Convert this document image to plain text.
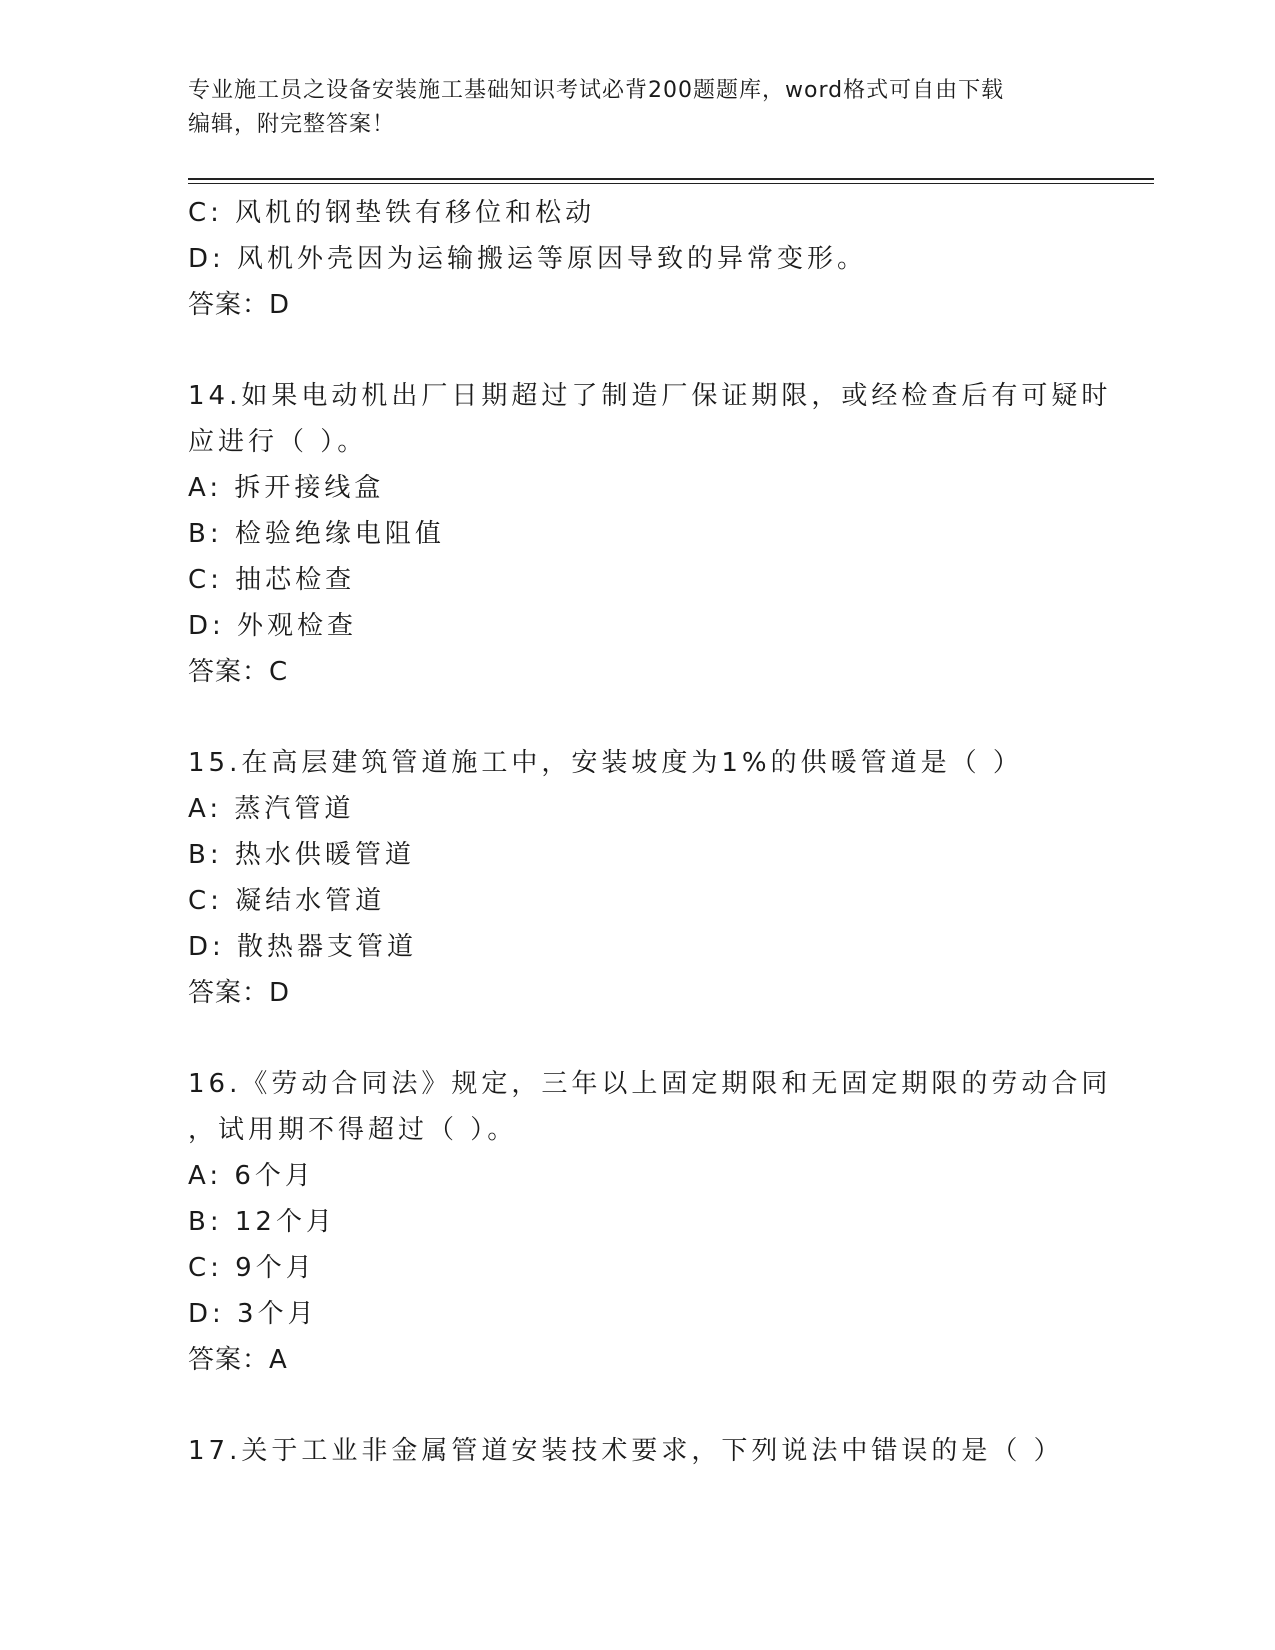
专业施工员之设备安装施工基础知识考试必背200题题库，word格式可自由下载
编辑，附完整答案！
C: 风机的钢垫铁有移位和松动
D: 风机外壳因为运输搬运等原因导致的异常变形。
答案：D
14.如果电动机出厂日期超过了制造厂保证期限，或经检查后有可疑时
应进行（ ）。
A: 拆开接线盒
B: 检验绝缘电阻值
C: 抽芯检查
D: 外观检查
答案：C
15.在高层建筑管道施工中，安装坡度为1%的供暖管道是（ ）
A: 蒸汽管道
B: 热水供暖管道
C: 凝结水管道
D: 散热器支管道
答案：D
16.《劳动合同法》规定，三年以上固定期限和无固定期限的劳动合同
，试用期不得超过（ ）。
A: 6个月
B: 12个月
C: 9个月
D: 3个月
答案：A
17.关于工业非金属管道安装技术要求，下列说法中错误的是（ ）
